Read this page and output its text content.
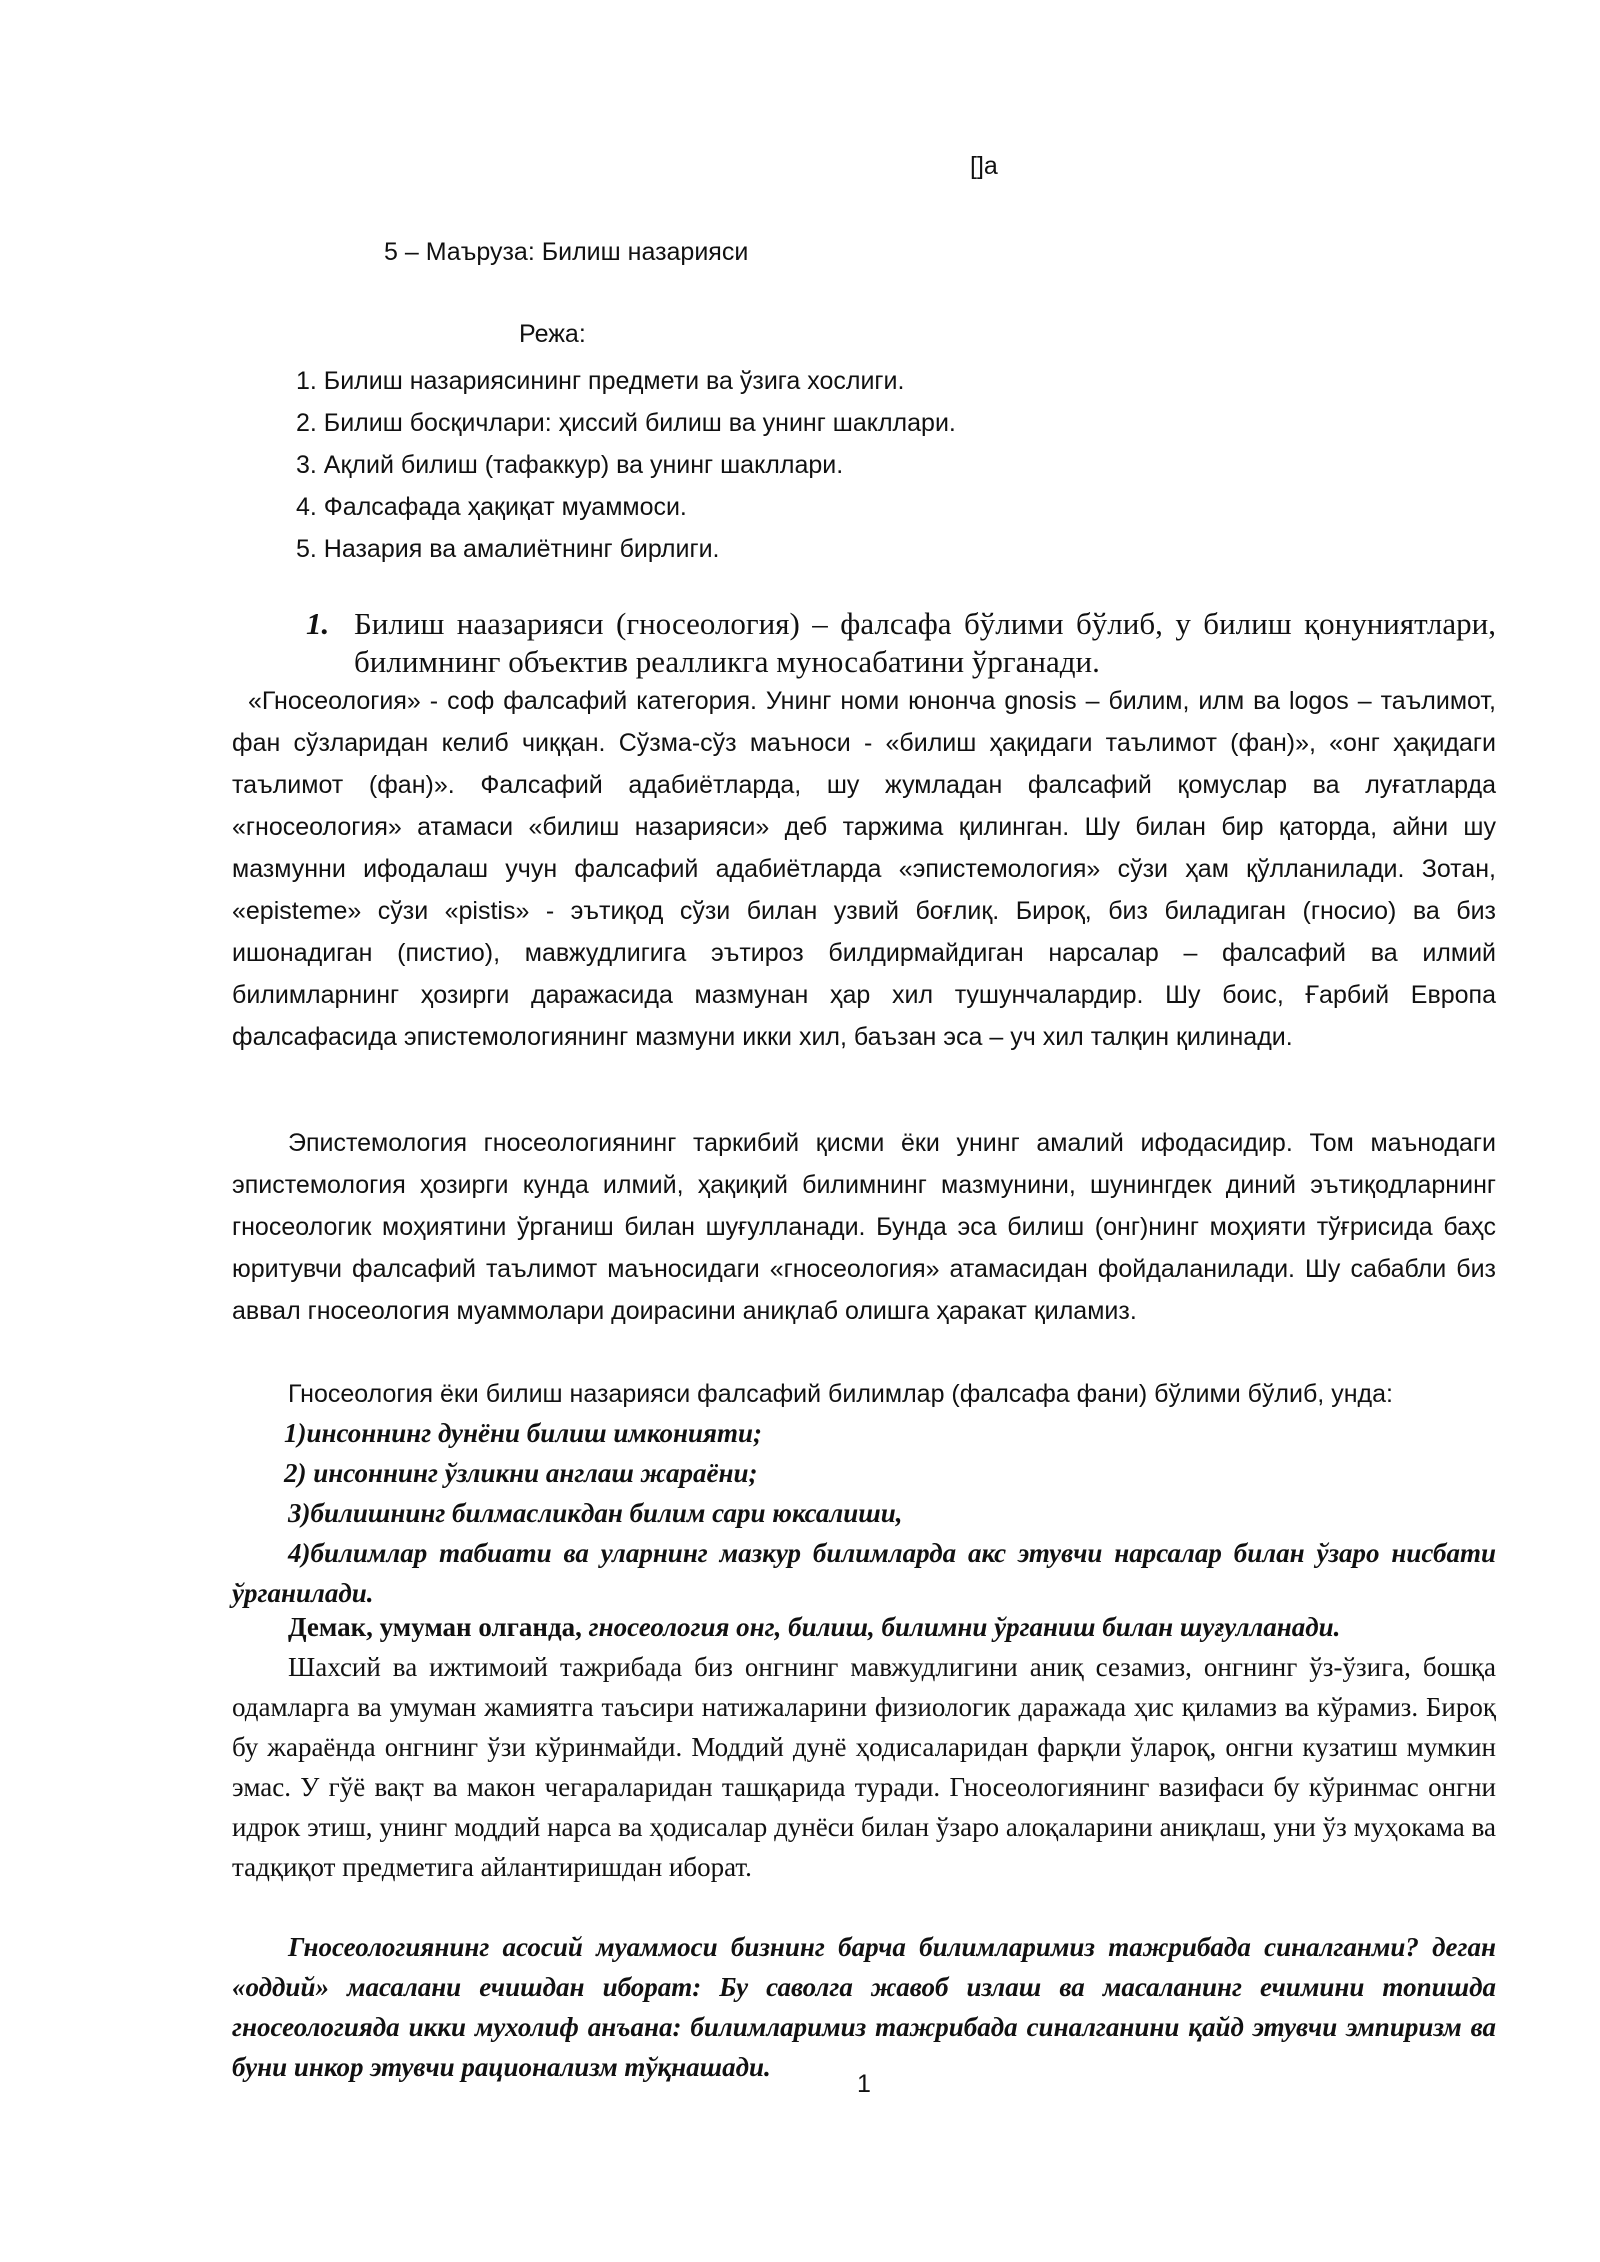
[]а
5 – Маъруза: Билиш назарияси
Режа:
1. Билиш назариясининг предмети ва ўзига хослиги.
2. Билиш босқичлари: ҳиссий билиш ва унинг шакллари.
3. Ақлий билиш (тафаккур) ва унинг шакллари.
4. Фалсафада ҳақиқат муаммоси.
5. Назария ва амалиётнинг бирлиги.
1. Билиш наазарияси (гносеология) – фалсафа бўлими бўлиб, у билиш қонуниятлари, билимнинг объектив реалликга муносабатини ўрганади.
«Гносеология» - соф фалсафий категория. Унинг номи юнонча gnosis – билим, илм ва logos – таълимот, фан сўзларидан келиб чиққан. Сўзма-сўз маъноси - «билиш ҳақидаги таълимот (фан)», «онг ҳақидаги таълимот (фан)». Фалсафий адабиётларда, шу жумладан фалсафий қомуслар ва луғатларда «гносеология» атамаси «билиш назарияси» деб таржима қилинган. Шу билан бир қаторда, айни шу мазмунни ифодалаш учун фалсафий адабиётларда «эпистемология» сўзи ҳам қўлланилади. Зотан, «episteme» сўзи «pistis» - эътиқод сўзи билан узвий боғлиқ. Бироқ, биз биладиган (гносио) ва биз ишонадиган (пистио), мавжудлигига эътироз билдирмайдиган нарсалар – фалсафий ва илмий билимларнинг ҳозирги даражасида мазмунан ҳар хил тушунчалардир. Шу боис, Ғарбий Европа фалсафасида эпистемологиянинг мазмуни икки хил, баъзан эса – уч хил талқин қилинади.
Эпистемология гносеологиянинг таркибий қисми ёки унинг амалий ифодасидир. Том маънодаги эпистемология ҳозирги кунда илмий, ҳақиқий билимнинг мазмунини, шунингдек диний эътиқодларнинг гносеологик моҳиятини ўрганиш билан шуғулланади. Бунда эса билиш (онг)нинг моҳияти тўғрисида баҳс юритувчи фалсафий таълимот маъносидаги «гносеология» атамасидан фойдаланилади. Шу сабабли биз аввал гносеология муаммолари доирасини аниқлаб олишга ҳаракат қиламиз.
Гносеология ёки билиш назарияси фалсафий билимлар (фалсафа фани) бўлими бўлиб, унда:

1)инсоннинг дунёни билиш имконияти;

2) инсоннинг ўзликни англаш жараёни;

3)билишнинг билмасликдан билим сари юксалиши,

4)билимлар табиати ва уларнинг мазкур билимларда акс этувчи нарсалар билан ўзаро нисбати ўрганилади.

Демак, умуман олганда, гносеология онг, билиш, билимни ўрганиш билан шуғулланади.

Шахсий ва ижтимоий тажрибада биз онгнинг мавжудлигини аниқ сезамиз, онгнинг ўз-ўзига, бошқа одамларга ва умуман жамиятга таъсири натижаларини физиологик даражада ҳис қиламиз ва кўрамиз. Бироқ бу жараёнда онгнинг ўзи кўринмайди. Моддий дунё ҳодисаларидан фарқли ўлароқ, онгни кузатиш мумкин эмас. У гўё вақт ва макон чегараларидан ташқарида туради. Гносеологиянинг вазифаси бу кўринмас онгни идрок этиш, унинг моддий нарса ва ҳодисалар дунёси билан ўзаро алоқаларини аниқлаш, уни ўз муҳокама ва тадқиқот предметига айлантиришдан иборат.

Гносеологиянинг асосий муаммоси бизнинг барча билимларимиз тажрибада синалганми? деган «оддий» масалани ечишдан иборат: Бу саволга жавоб излаш ва масаланинг ечимини топишда гносеологияда икки мухолиф анъана: билимларимиз тажрибада синалганини қайд этувчи эмпиризм ва буни инкор этувчи рационализм тўқнашади.

1
